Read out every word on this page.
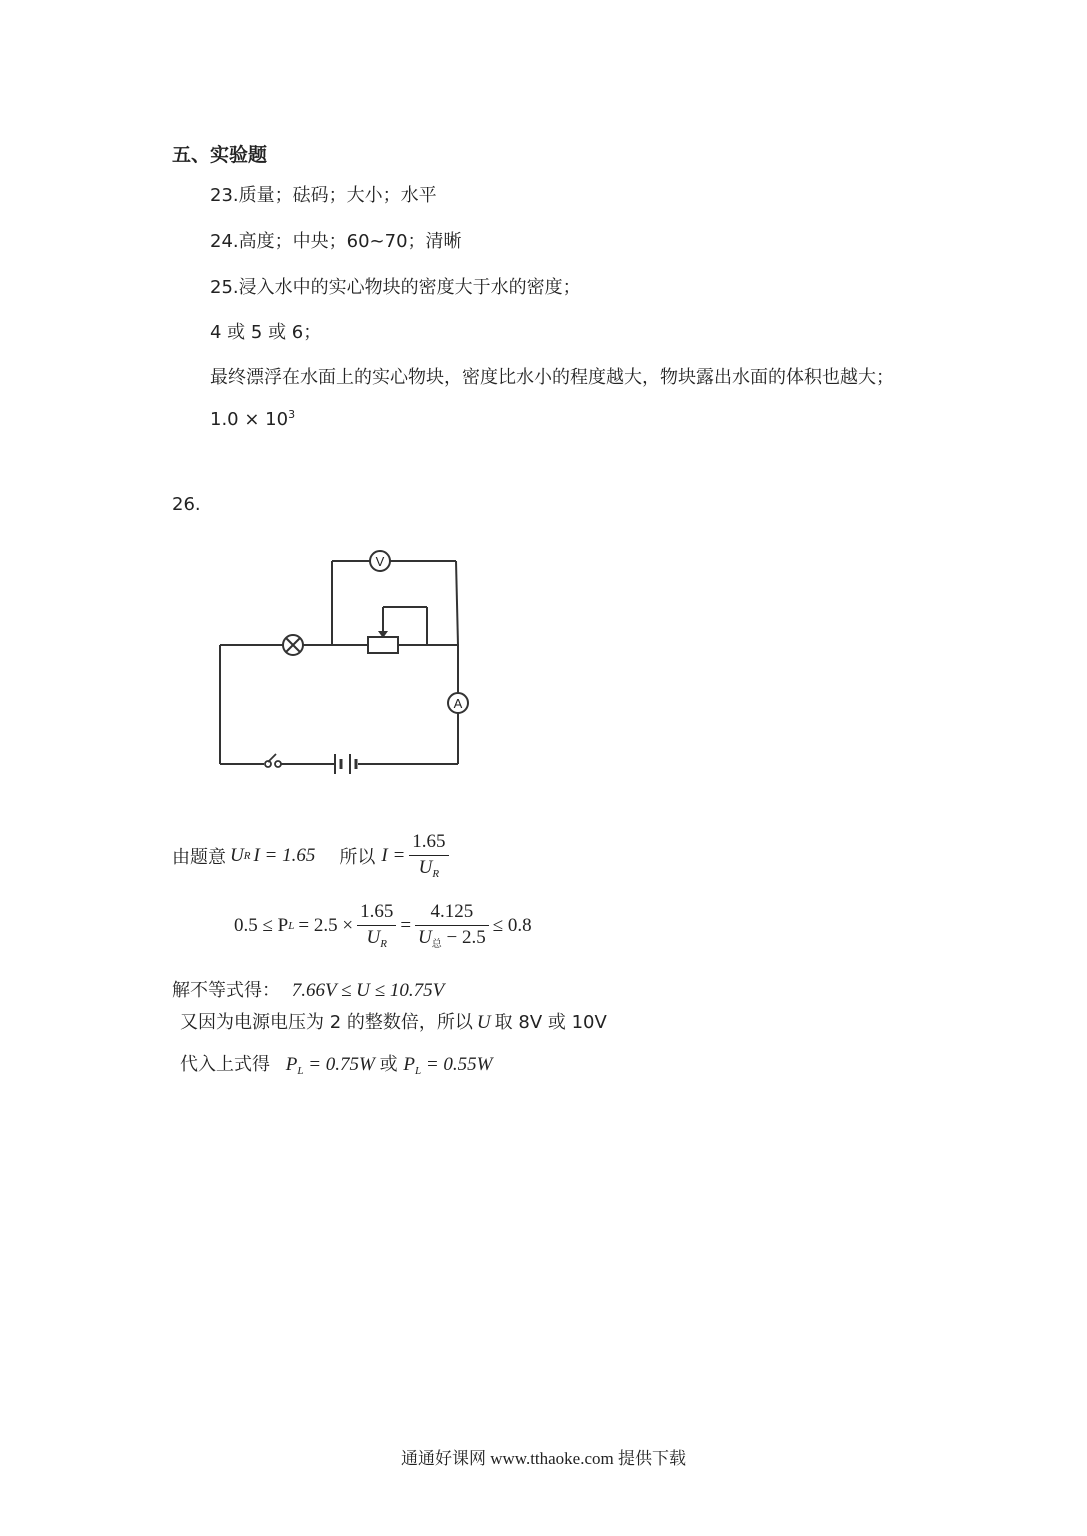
五、实验题
23.质量；砝码；大小；水平
24.高度；中央；60~70；清晰
25.浸入水中的实心物块的密度大于水的密度；
4 或 5 或 6；
最终漂浮在水面上的实心物块，密度比水小的程度越大，物块露出水面的体积也越大；
$1.0 \times 10^3$
26.
V
A
由题意 U R I = 1.65 所以 $I = \frac{1.65}{U_R}$
0.5 ≤ P $L = 2.5 \times \frac{1.65}{U_R} = \frac{4.125}{U_总 - 2.5} \le 0.8$
解不等式得： 7.66V ≤ U ≤ 10.75V
又因为电源电压为 2 的整数倍，所以 U 取 8V 或 10V
代入上式得 $P_L = 0.75W$ 或 $P_L = 0.55W$
通通好课网 www.tthaoke.com 提供下载
